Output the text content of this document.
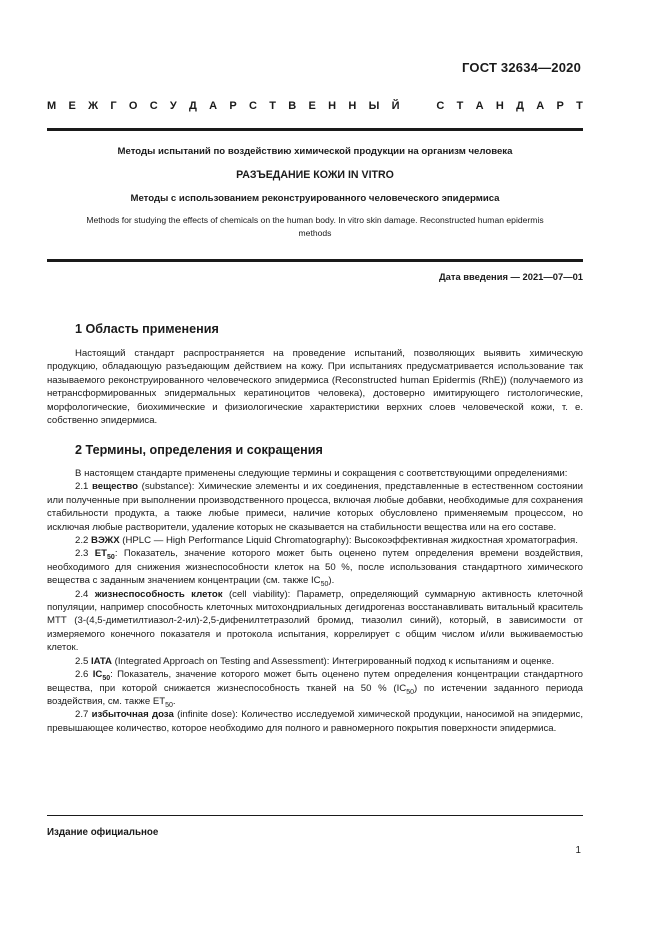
ГОСТ 32634—2020
М Е Ж Г О С У Д А Р С Т В Е Н Н Ы Й	С Т А Н Д А Р Т
Методы испытаний по воздействию химической продукции на организм человека
РАЗЪЕДАНИЕ КОЖИ IN VITRO
Методы с использованием реконструированного человеческого эпидермиса
Methods for studying the effects of chemicals on the human body. In vitro skin damage. Reconstructed human epidermis
methods
Дата введения — 2021—07—01
1 Область применения

Настоящий стандарт распространяется на проведение испытаний, позволяющих выявить химическую продукцию, обладающую разъедающим действием на кожу. При испытаниях предусматривается использование так называемого реконструированного человеческого эпидермиса (Reconstructed human Epidermis (RhE)) (получаемого из нетрансформированных эпидермальных кератиноцитов человека), достоверно имитирующего гистологические, морфологические, биохимические и физиологические характеристики верхних слоев человеческой кожи, т. е. собственно эпидермиса.

2 Термины, определения и сокращения

В настоящем стандарте применены следующие термины и сокращения с соответствующими определениями:

2.1 вещество (substance): Химические элементы и их соединения, представленные в естественном состоянии или полученные при выполнении производственного процесса, включая любые добавки, необходимые для сохранения стабильности продукта, а также любые примеси, наличие которых обусловлено применяемым процессом, но исключая любые растворители, удаление которых не сказывается на стабильности вещества или на его составе.

2.2 ВЭЖХ (HPLC — High Performance Liquid Chromatography): Высокоэффективная жидкостная хроматография.

2.3 $ET_{50}$: Показатель, значение которого может быть оценено путем определения времени воздействия, необходимого для снижения жизнеспособности клеток на 50 %, после использования стандартного химического вещества с заданным значением концентрации (см. также $IC_{50}$).

2.4 жизнеспособность клеток (cell viability): Параметр, определяющий суммарную активность клеточной популяции, например способность клеточных митохондриальных дегидрогеназ восстанавливать витальный краситель МТТ (3-(4,5-диметилтиазол-2-ил)-2,5-дифенилтетразолий бромид, тиазолил синий), который, в зависимости от измеряемого конечного показателя и протокола испытания, коррелирует с общим числом и/или выживаемостью клеток.

2.5 IATA (Integrated Approach on Testing and Assessment): Интегрированный подход к испытаниям и оценке.

2.6 $IC_{50}$: Показатель, значение которого может быть оценено путем определения концентрации стандартного вещества, при которой снижается жизнеспособность тканей на 50 % $(IC_{50})$ по истечении заданного периода воздействия, см. также $ET_{50}$.

2.7 избыточная доза (infinite dose): Количество исследуемой химической продукции, наносимой на эпидермис, превышающее количество, которое необходимо для полного и равномерного покрытия поверхности эпидермиса.

Издание официальное
1
